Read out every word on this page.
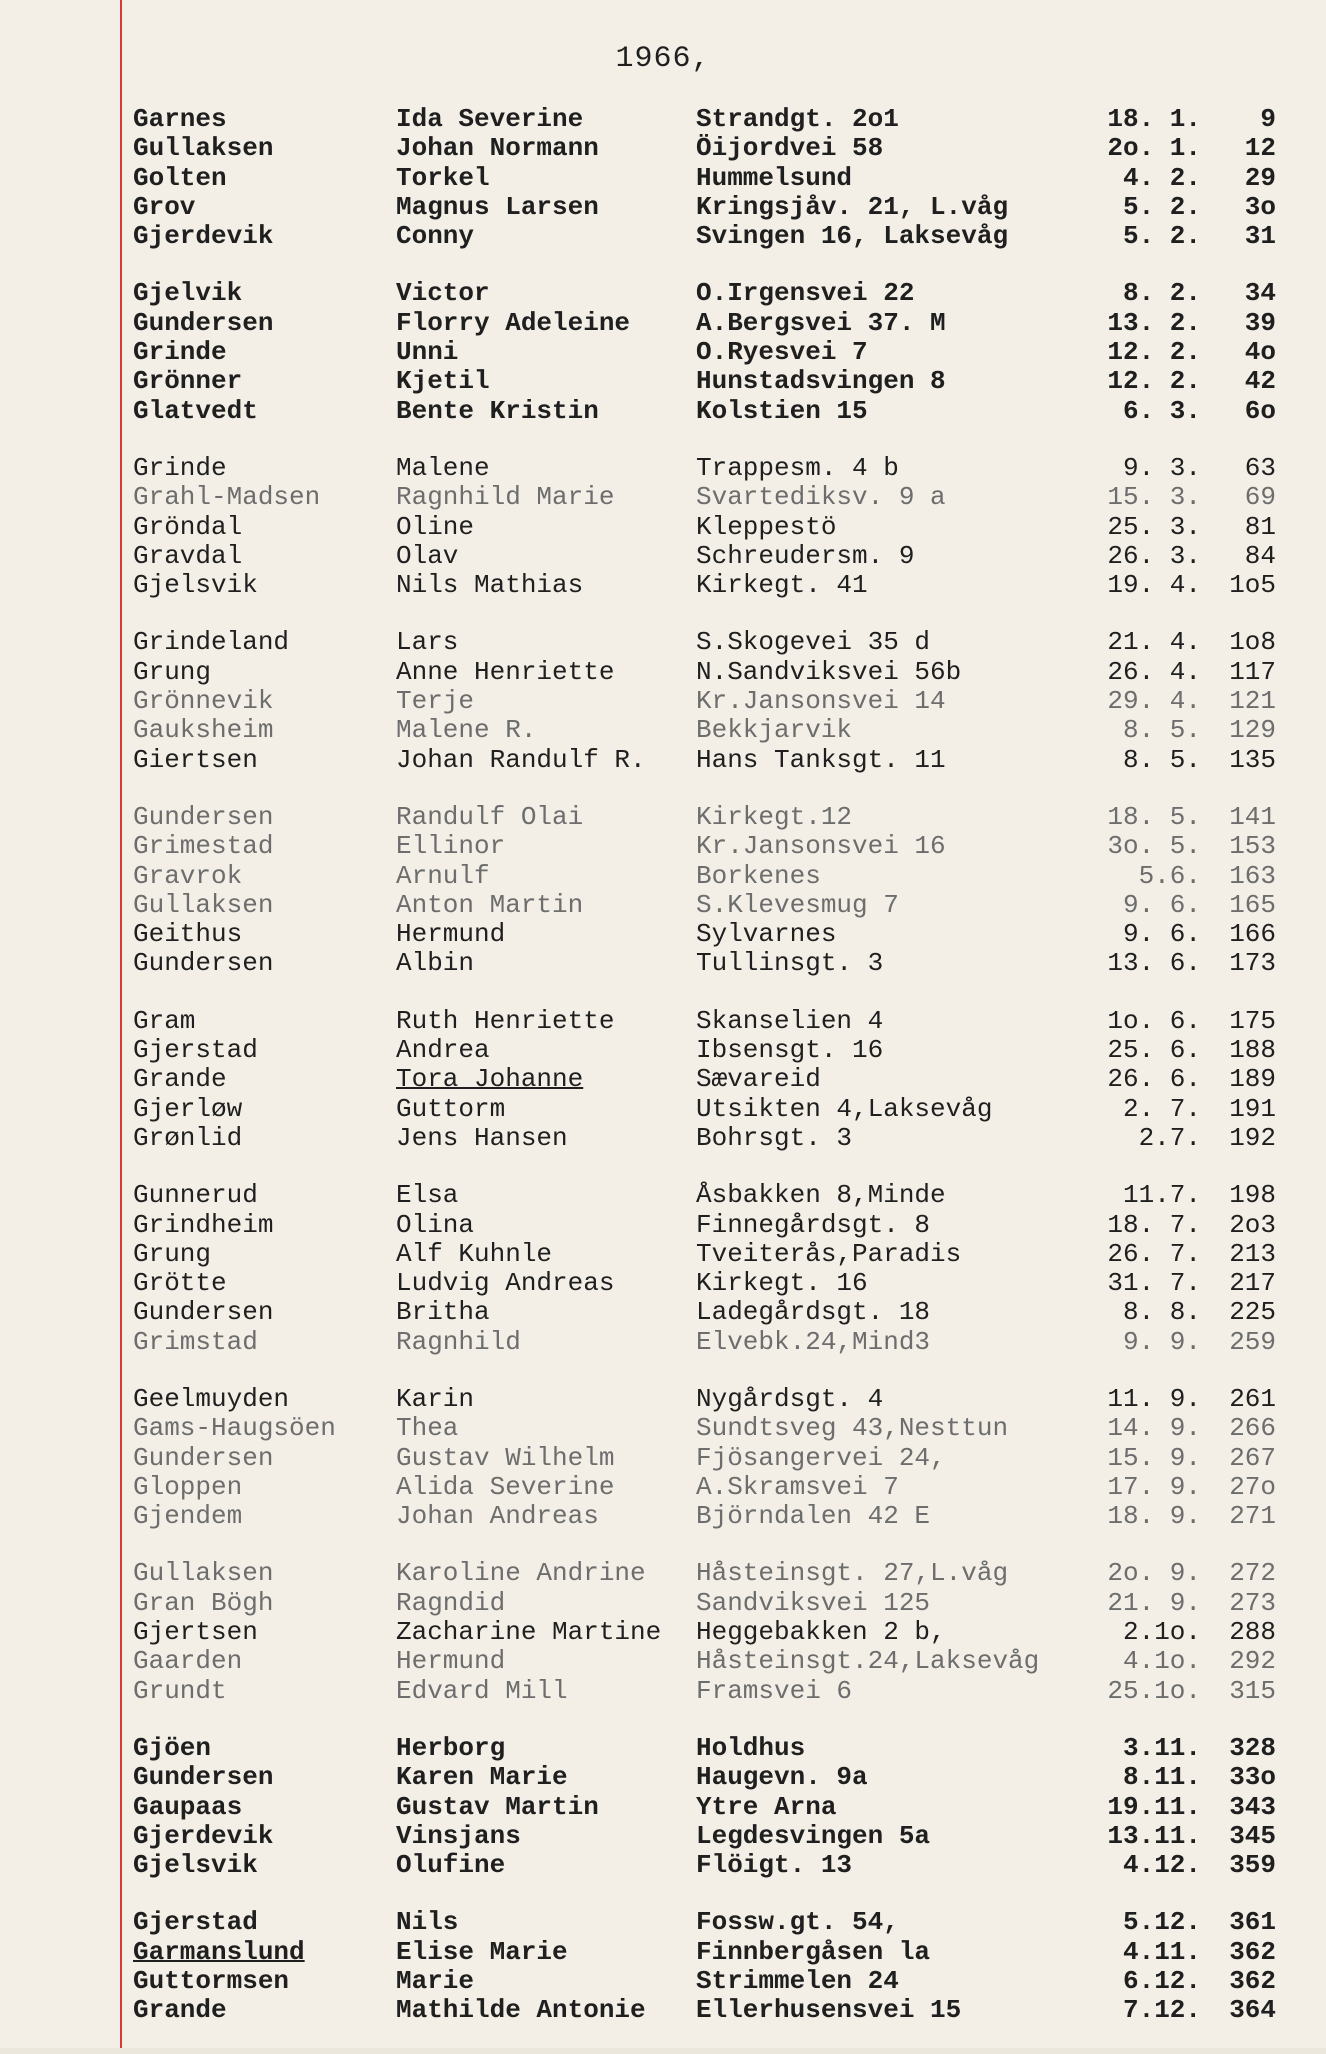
1966,
Garnes	Ida Severine	Strandgt. 2o1	18. 1.	9
Gullaksen	Johan Normann	Öijordvei 58	2o. 1.	12
Golten	Torkel	Hummelsund	4. 2.	29
Grov	Magnus Larsen	Kringsjåv. 21, L.våg	5. 2.	3o
Gjerdevik	Conny	Svingen 16, Laksevåg	5. 2.	31
Gjelvik	Victor	O.Irgensvei 22	8. 2.	34
Gundersen	Florry Adeleine	A.Bergsvei 37. M	13. 2.	39
Grinde	Unni	O.Ryesvei 7	12. 2.	4o
Grönner	Kjetil	Hunstadsvingen 8	12. 2.	42
Glatvedt	Bente Kristin	Kolstien 15	6. 3.	6o
Grinde	Malene	Trappesm. 4 b	9. 3.	63
Grahl-Madsen	Ragnhild Marie	Svartediksv. 9 a	15. 3.	69
Gröndal	Oline	Kleppestö	25. 3.	81
Gravdal	Olav	Schreudersm. 9	26. 3.	84
Gjelsvik	Nils Mathias	Kirkegt. 41	19. 4.	1o5
Grindeland	Lars	S.Skogevei 35 d	21. 4.	1o8
Grung	Anne Henriette	N.Sandviksvei 56b	26. 4.	117
Grönnevik	Terje	Kr.Jansonsvei 14	29. 4.	121
Gauksheim	Malene R.	Bekkjarvik	8. 5.	129
Giertsen	Johan Randulf R.	Hans Tanksgt. 11	8. 5.	135
Gundersen	Randulf Olai	Kirkegt.12	18. 5.	141
Grimestad	Ellinor	Kr.Jansonsvei 16	3o. 5.	153
Gravrok	Arnulf	Borkenes	5.6.	163
Gullaksen	Anton Martin	S.Klevesmug 7	9. 6.	165
Geithus	Hermund	Sylvarnes	9. 6.	166
Gundersen	Albin	Tullinsgt. 3	13. 6.	173
Gram	Ruth Henriette	Skanselien 4	1o. 6.	175
Gjerstad	Andrea	Ibsensgt. 16	25. 6.	188
Grande	Tora Johanne	Sævareid	26. 6.	189
Gjerløw	Guttorm	Utsikten 4,Laksevåg	2. 7.	191
Grønlid	Jens Hansen	Bohrsgt. 3	2.7.	192
Gunnerud	Elsa	Åsbakken 8,Minde	11.7.	198
Grindheim	Olina	Finnegårdsgt. 8	18. 7.	2o3
Grung	Alf Kuhnle	Tveiterås,Paradis	26. 7.	213
Grötte	Ludvig Andreas	Kirkegt. 16	31. 7.	217
Gundersen	Britha	Ladegårdsgt. 18	8. 8.	225
Grimstad	Ragnhild	Elvebk.24,Mind3	9. 9.	259
Geelmuyden	Karin	Nygårdsgt. 4	11. 9.	261
Gams-Haugsöen	Thea	Sundtsveg 43,Nesttun	14. 9.	266
Gundersen	Gustav Wilhelm	Fjösangervei 24,	15. 9.	267
Gloppen	Alida Severine	A.Skramsvei 7	17. 9.	27o
Gjendem	Johan Andreas	Björndalen 42 E	18. 9.	271
Gullaksen	Karoline Andrine	Håsteinsgt. 27,L.våg	2o. 9.	272
Gran Bögh	Ragndid	Sandviksvei 125	21. 9.	273
Gjertsen	Zacharine Martine	Heggebakken 2 b,	2.1o.	288
Gaarden	Hermund	Håsteinsgt.24,Laksevåg	4.1o.	292
Grundt	Edvard Mill	Framsvei 6	25.1o.	315
Gjöen	Herborg	Holdhus	3.11.	328
Gundersen	Karen Marie	Haugevn. 9a	8.11.	33o
Gaupaas	Gustav Martin	Ytre Arna	19.11.	343
Gjerdevik	Vinsjans	Legdesvingen 5a	13.11.	345
Gjelsvik	Olufine	Flöigt. 13	4.12.	359
Gjerstad	Nils	Fossw.gt. 54,	5.12.	361
Garmanslund	Elise Marie	Finnbergåsen la	4.11.	362
Guttormsen	Marie	Strimmelen 24	6.12.	362
Grande	Mathilde Antonie	Ellerhusensvei 15	7.12.	364
